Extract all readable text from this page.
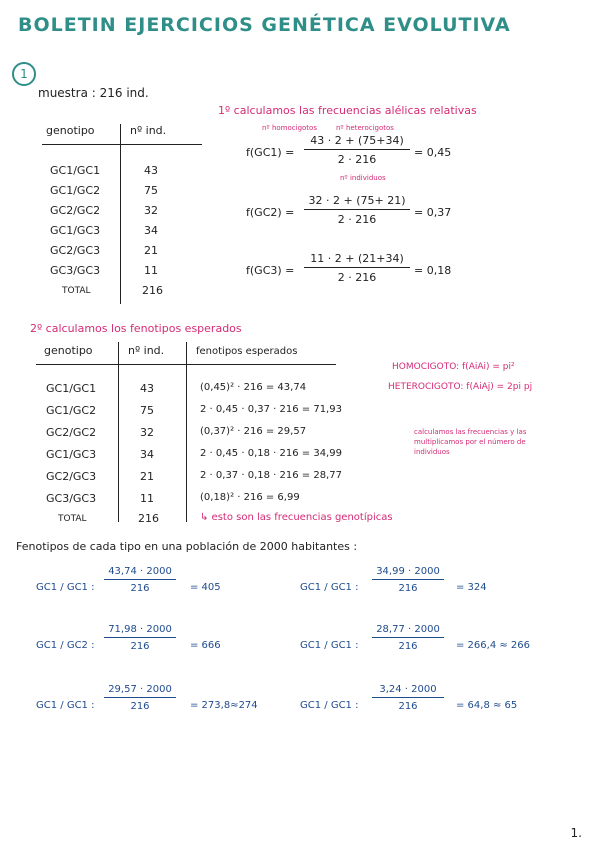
BOLETIN EJERCICIOS GENÉTICA EVOLUTIVA
1
muestra : 216 ind.
genotipo	nº ind.
GC1/GC1	43
GC1/GC2	75
GC2/GC2	32
GC1/GC3	34
GC2/GC3	21
GC3/GC3	11
TOTAL	216
1º calculamos las frecuencias alélicas relativas
nº homocigotos	nº heterocigotos
nº individuos
$f(GC1) = \frac{43 \cdot 2 + (75+34)}{2 \cdot 216} = 0,45$
$f(GC2) = \frac{32 \cdot 2 + (75+ 21)}{2 \cdot 216} = 0,37$
$f(GC3) = \frac{11 \cdot 2 + (21+34)}{2 \cdot 216} = 0,18$
2º calculamos los fenotipos esperados
genotipo	nº ind.	fenotipos esperados
GC1/GC1	43	(0,45)² · 216 = 43,74
GC1/GC2	75	2 · 0,45 · 0,37 · 216 = 71,93
GC2/GC2	32	(0,37)² · 216 = 29,57
GC1/GC3	34	2 · 0,45 · 0,18 · 216 = 34,99
GC2/GC3	21	2 · 0,37 · 0,18 · 216 = 28,77
GC3/GC3	11	(0,18)² · 216 = 6,99
TOTAL	216	↳ esto son las frecuencias genotípicas
HOMOCIGOTO: f(AiAi) = pi²
HETEROCIGOTO: f(AiAj) = 2pi pj
calculamos las frecuencias y las
multiplicamos por el número de
individuos
Fenotipos de cada tipo en una población de 2000 habitantes :
GC1 / GC1 : $\frac{43,74 \cdot 2000}{216} = 405$
GC1 / GC2 : $\frac{71,98 \cdot 2000}{216} = 666$
GC1 / GC1 : $\frac{29,57 \cdot 2000}{216} = 273,8\approx 274$
GC1 / GC1 : $\frac{34,99 \cdot 2000}{216} = 324$
GC1 / GC1 : $\frac{28,77 \cdot 2000}{216} = 266,4 \approx 266$
GC1 / GC1 : $\frac{3,24 \cdot 2000}{216} = 64,8 \approx 65$
1.
